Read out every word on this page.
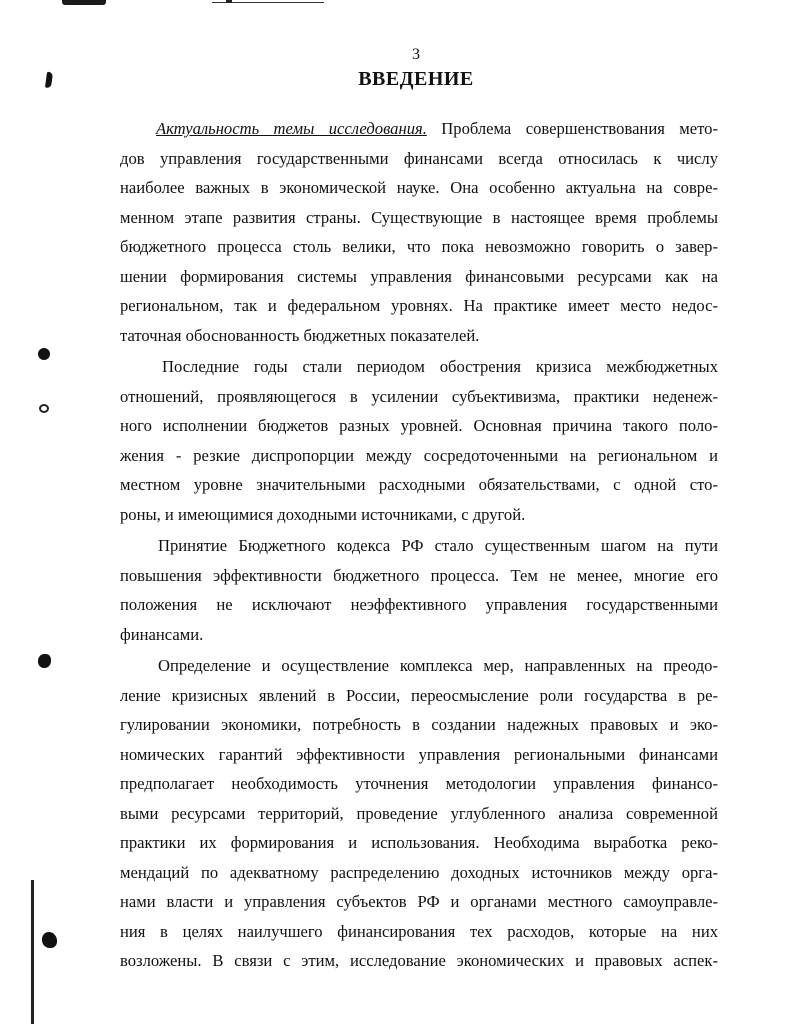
3
ВВЕДЕНИЕ
Актуальность темы исследования. Проблема совершенствования мето-
дов управления государственными финансами всегда относилась к числу
наиболее важных в экономической науке. Она особенно актуальна на совре-
менном этапе развития страны. Существующие в настоящее время проблемы
бюджетного процесса столь велики, что пока невозможно говорить о завер-
шении формирования системы управления финансовыми ресурсами как на
региональном, так и федеральном уровнях. На практике имеет место недос-
таточная обоснованность бюджетных показателей.
Последние годы стали периодом обострения кризиса межбюджетных
отношений, проявляющегося в усилении субъективизма, практики неденеж-
ного исполнении бюджетов разных уровней. Основная причина такого поло-
жения - резкие диспропорции между сосредоточенными на региональном и
местном уровне значительными расходными обязательствами, с одной сто-
роны, и имеющимися доходными источниками, с другой.
Принятие Бюджетного кодекса РФ стало существенным шагом на пути
повышения эффективности бюджетного процесса. Тем не менее, многие его
положения не исключают неэффективного управления государственными
финансами.
Определение и осуществление комплекса мер, направленных на преодо-
ление кризисных явлений в России, переосмысление роли государства в ре-
гулировании экономики, потребность в создании надежных правовых и эко-
номических гарантий эффективности управления региональными финансами
предполагает необходимость уточнения методологии управления финансо-
выми ресурсами территорий, проведение углубленного анализа современной
практики их формирования и использования. Необходима выработка реко-
мендаций по адекватному распределению доходных источников между орга-
нами власти и управления субъектов РФ и органами местного самоуправле-
ния в целях наилучшего финансирования тех расходов, которые на них
возложены. В связи с этим, исследование экономических и правовых аспек-
